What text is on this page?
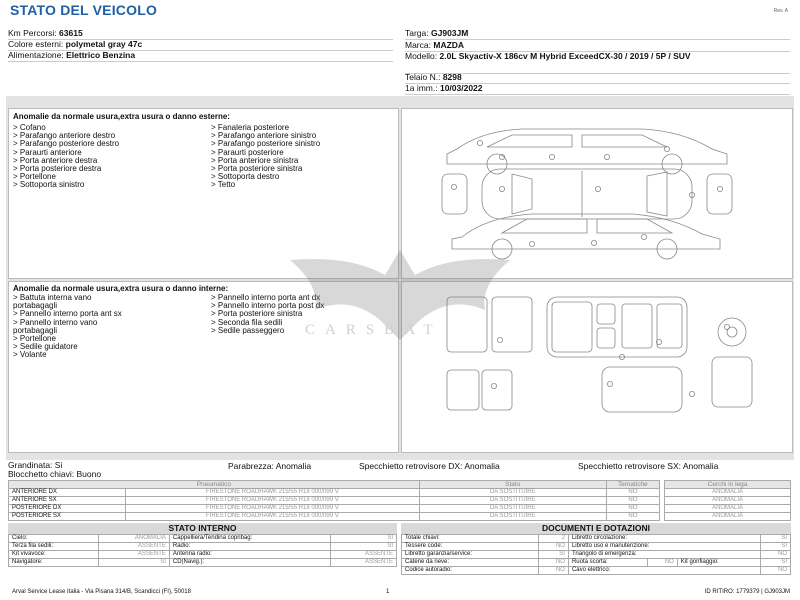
STATO DEL VEICOLO	Rev. A
Km Percorsi: 63615
Colore esterni: polymetal gray 47c
Alimentazione: Elettrico Benzina
Targa: GJ903JM
Marca: MAZDA
Modello: 2.0L Skyactiv-X 186cv M Hybrid ExceedCX-30 / 2019 / 5P / SUV
Telaio N.: 8298
1a imm.: 10/03/2022
Anomalie da normale usura,extra usura o danno esterne:
> Cofano
> Parafango anteriore destro
> Parafango posteriore destro
> Paraurti anteriore
> Porta anteriore destra
> Porta posteriore destra
> Portellone
> Sottoporta sinistro
> Fanaleria posteriore
> Parafango anteriore sinistro
> Parafango posteriore sinistro
> Paraurti posteriore
> Porta anteriore sinistra
> Porta posteriore sinistra
> Sottoporta destro
> Tetto
Anomalie da normale usura,extra usura o danno interne:
> Battuta interna vano
portabagagli
> Pannello interno porta ant sx
> Pannello interno vano
portabagagli
> Portellone
> Sedile guidatore
> Volante
> Pannello interno porta ant dx
> Pannello interno porta post dx
> Porta posteriore sinistra
> Seconda fila sedili
> Sedile passeggero	CARSBAT
Grandinata: Si
Blocchetto chiavi: Buono
Parabrezza: Anomalia	Specchietto retrovisore DX: Anomalia	Specchietto retrovisore SX: Anomalia
Pneumatico		Stato	Tematiche
ANTERIORE DX	FIRESTONE ROADHAWK 215/55 R18 000/099 V	DA SOSTITUIRE	NO
ANTERIORE SX	FIRESTONE ROADHAWK 215/55 R18 000/099 V	DA SOSTITUIRE	NO
POSTERIORE DX	FIRESTONE ROADHAWK 215/55 R18 000/099 V	DA SOSTITUIRE	NO
POSTERIORE SX	FIRESTONE ROADHAWK 215/55 R18 000/099 V	DA SOSTITUIRE	NO
Cerchi in lega
ANOMALIA
ANOMALIA
ANOMALIA
ANOMALIA
STATO INTERNO
Cielo:	ANOMALIA	Cappelliera/Tendina copribag:	SI
Terza fila sedili:	ASSENTE	Radio:	SI
Kit vivavoce:	ASSENTE	Antenna radio:	ASSENTE
Navigatore:	SI	CD(Navig.):	ASSENTE
DOCUMENTI E DOTAZIONI
Totale chiavi:	2	Libretto circolazione:			SI
Tessere code:	NO	Libretto uso e manutenzione:			SI
Libretto garanzia/service:	SI	Triangolo di emergenza:			NO
Catene da neve:	NO	Ruota scorta:	NO	Kit gonfiaggio:	SI
Codice autoradio:	NO	Cavo elettrico:			NO
Arval Service Lease Italia - Via Pisana 314/B, Scandicci (FI), 50018	1	ID RITIRO: 1779379 | GJ903JM
